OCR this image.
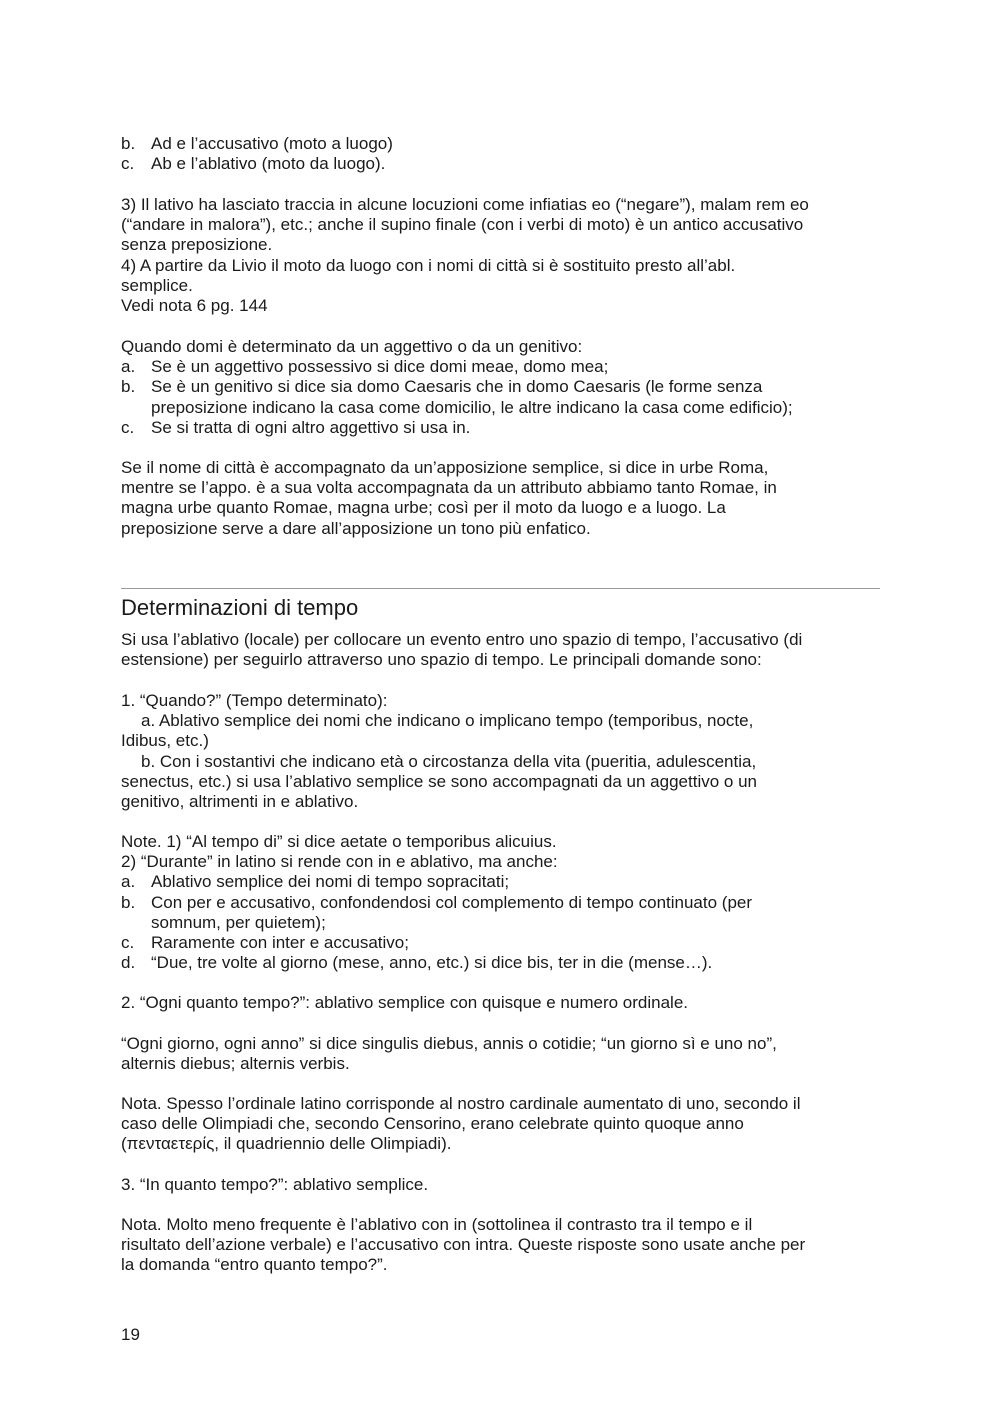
b. Ad e l’accusativo (moto a luogo)
c. Ab e l’ablativo (moto da luogo).
3) Il lativo ha lasciato traccia in alcune locuzioni come infiatias eo (“negare”), malam rem eo
(“andare in malora”), etc.; anche il supino finale (con i verbi di moto) è un antico accusativo
senza preposizione.
4) A partire da Livio il moto da luogo con i nomi di città si è sostituito presto all’abl.
semplice.
Vedi nota 6 pg. 144
Quando domi è determinato da un aggettivo o da un genitivo:
a. Se è un aggettivo possessivo si dice domi meae, domo mea;
b. Se è un genitivo si dice sia domo Caesaris che in domo Caesaris (le forme senza
preposizione indicano la casa come domicilio, le altre indicano la casa come edificio);
c. Se si tratta di ogni altro aggettivo si usa in.
Se il nome di città è accompagnato da un’apposizione semplice, si dice in urbe Roma,
mentre se l’appo. è a sua volta accompagnata da un attributo abbiamo tanto Romae, in
magna urbe quanto Romae, magna urbe; così per il moto da luogo e a luogo. La
preposizione serve a dare all’apposizione un tono più enfatico.
Determinazioni di tempo
Si usa l’ablativo (locale) per collocare un evento entro uno spazio di tempo, l’accusativo (di
estensione) per seguirlo attraverso uno spazio di tempo. Le principali domande sono:
1. “Quando?” (Tempo determinato):
a. Ablativo semplice dei nomi che indicano o implicano tempo (temporibus, nocte,
Idibus, etc.)
b. Con i sostantivi che indicano età o circostanza della vita (pueritia, adulescentia,
senectus, etc.) si usa l’ablativo semplice se sono accompagnati da un aggettivo o un
genitivo, altrimenti in e ablativo.
Note. 1) “Al tempo di” si dice aetate o temporibus alicuius.
2) “Durante” in latino si rende con in e ablativo, ma anche:
a. Ablativo semplice dei nomi di tempo sopracitati;
b. Con per e accusativo, confondendosi col complemento di tempo continuato (per
somnum, per quietem);
c. Raramente con inter e accusativo;
d. “Due, tre volte al giorno (mese, anno, etc.) si dice bis, ter in die (mense…).
2. “Ogni quanto tempo?”: ablativo semplice con quisque e numero ordinale.
“Ogni giorno, ogni anno” si dice singulis diebus, annis o cotidie; “un giorno sì e uno no”,
alternis diebus; alternis verbis.
Nota. Spesso l’ordinale latino corrisponde al nostro cardinale aumentato di uno, secondo il
caso delle Olimpiadi che, secondo Censorino, erano celebrate quinto quoque anno
(πενταετερίς, il quadriennio delle Olimpiadi).
3. “In quanto tempo?”: ablativo semplice.
Nota. Molto meno frequente è l’ablativo con in (sottolinea il contrasto tra il tempo e il
risultato dell’azione verbale) e l’accusativo con intra. Queste risposte sono usate anche per
la domanda “entro quanto tempo?”.
19
